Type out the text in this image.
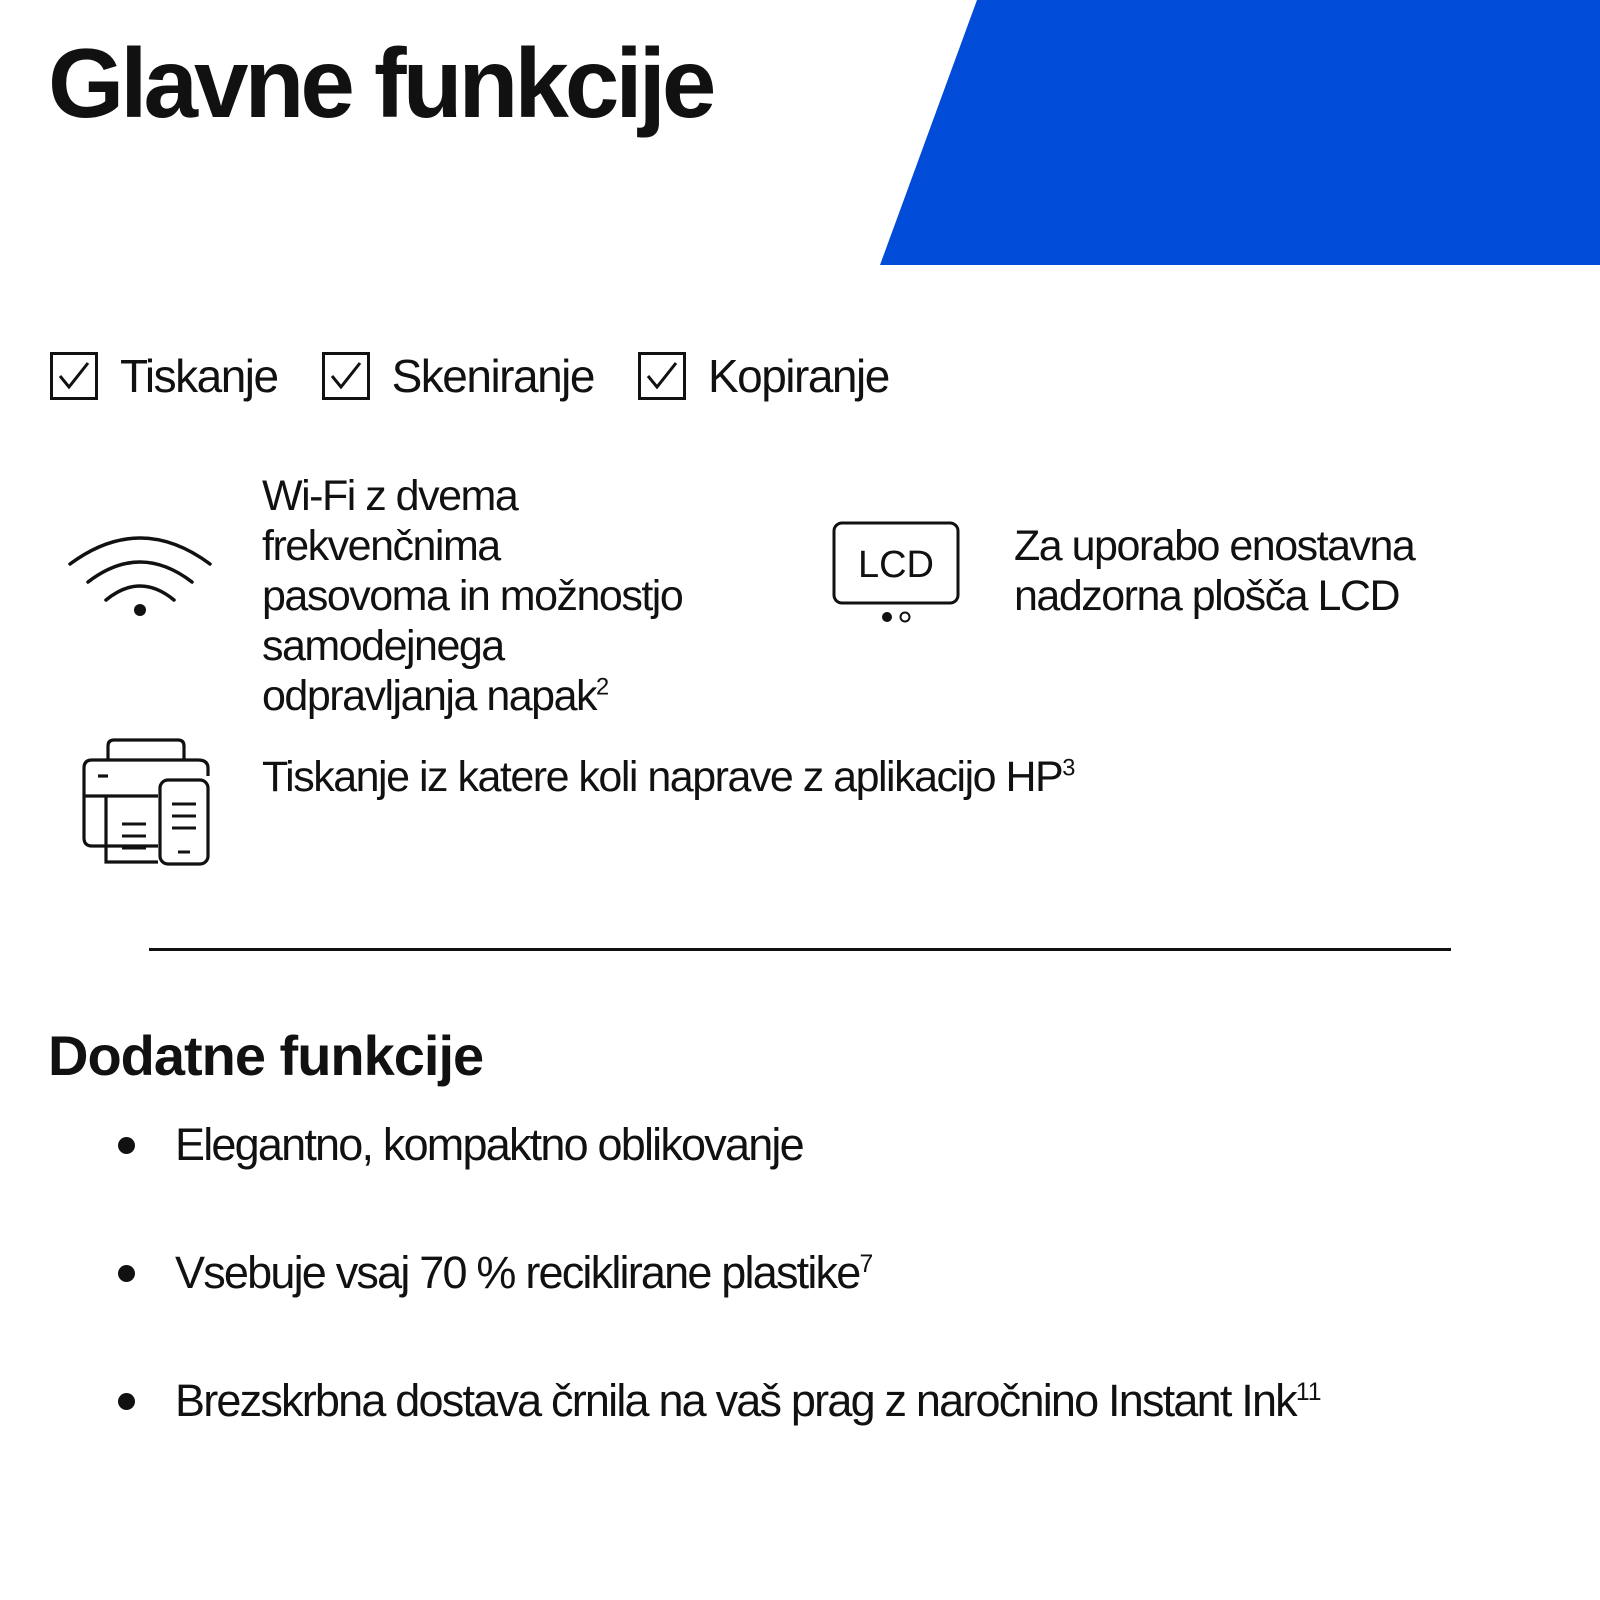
Glavne funkcije
Tiskanje Skeniranje Kopiranje
Wi-Fi z dvema
frekvenčnima
pasovoma in možnostjo
samodejnega
odpravljanja napak$^2$
LCD Za uporabo enostavna
nadzorna plošča LCD
Tiskanje iz katere koli naprave z aplikacijo $HP^3$
Dodatne funkcije
Elegantno, kompaktno oblikovanje
Vsebuje vsaj 70 % reciklirane plastike$^7$
Brezskrbna dostava črnila na vaš prag z naročnino Instant Ink$^{11}$
